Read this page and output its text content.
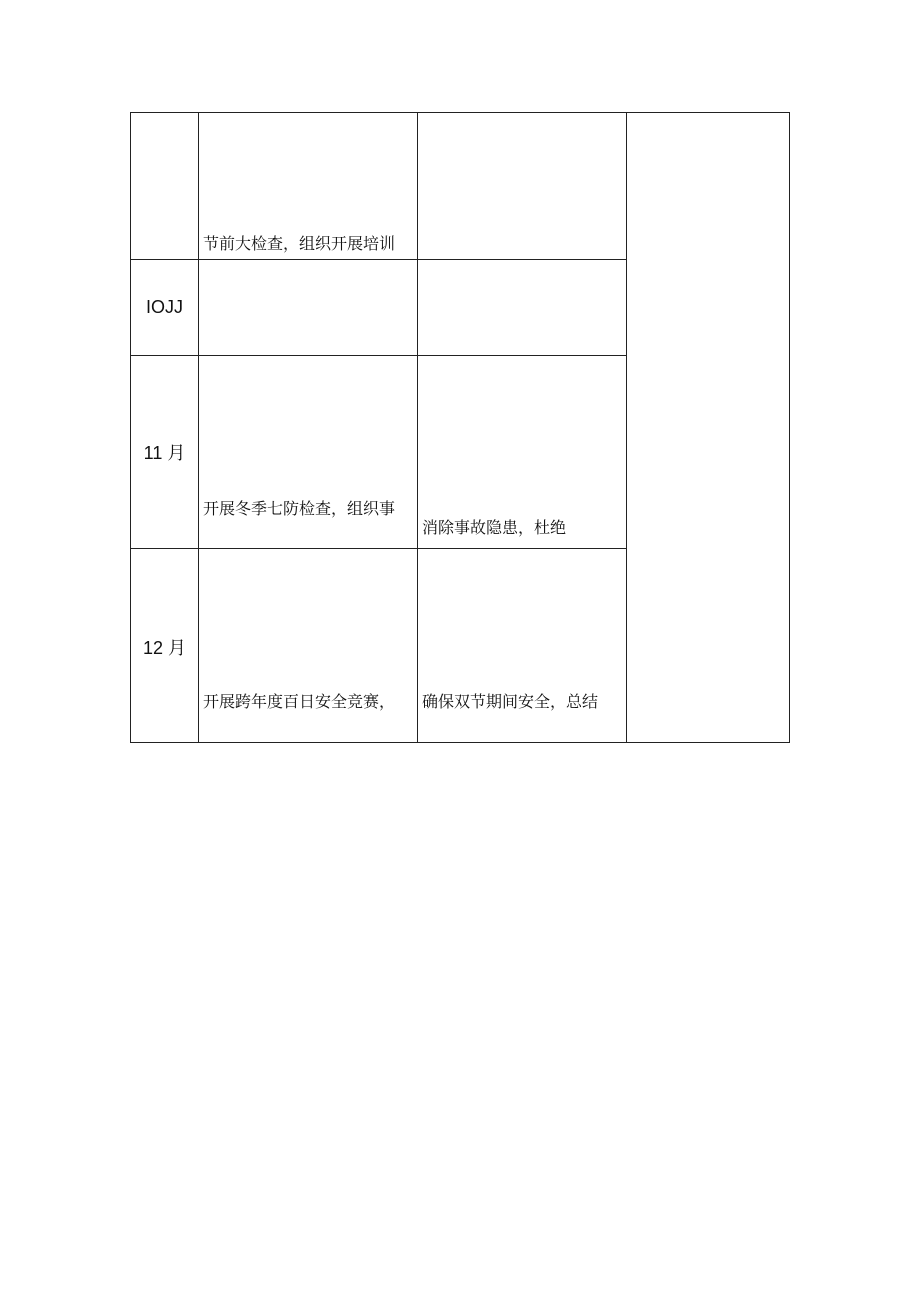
节前大检查，组织开展培训

IOJJ

11 月

开展冬季七防检查，组织事

消除事故隐患，杜绝

12 月

开展跨年度百日安全竞赛，

	确保双节期间安全，总结
